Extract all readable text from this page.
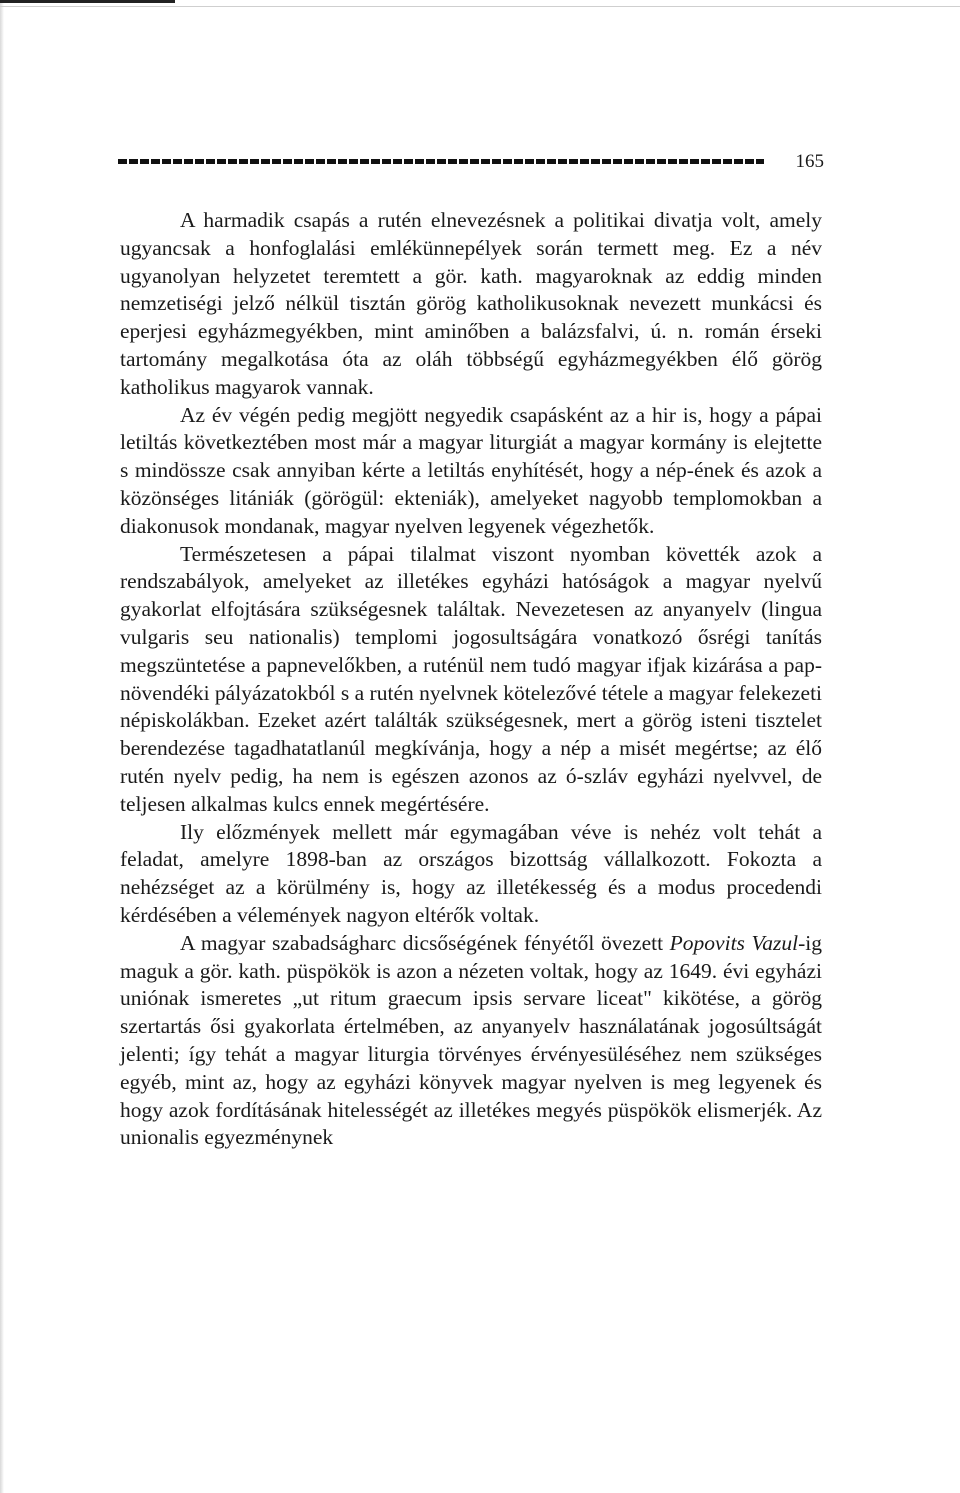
165

A harmadik csapás a rutén elnevezésnek a politikai divatja volt, amely ugyancsak a honfoglalási emlékünnepélyek során termett meg. Ez a név ugyanolyan helyzetet teremtett a gör. kath. magyaroknak az eddig minden nemzetiségi jelző nélkül tisztán görög katholikusoknak nevezett munkácsi és eperjesi egyházmegyékben, mint aminőben a balázsfalvi, ú. n. román érseki tartomány megalkotása óta az oláh többségű egyházmegyékben élő görög katholikus magyarok vannak.

Az év végén pedig megjött negyedik csapásként az a hir is, hogy a pápai letiltás következtében most már a magyar liturgiát a magyar kormány is elejtette s mindössze csak annyiban kérte a letiltás enyhítését, hogy a nép-ének és azok a közönséges litániák (görögül: ekteniák), amelyeket nagyobb templomokban a diakonusok mondanak, magyar nyelven legyenek végezhetők.

Természetesen a pápai tilalmat viszont nyomban követték azok a rendszabályok, amelyeket az illetékes egyházi hatóságok a magyar nyelvű gyakorlat elfojtására szükségesnek találtak. Nevezetesen az anyanyelv (lingua vulgaris seu nationalis) templomi jogosultságára vonatkozó ősrégi tanítás megszüntetése a papnevelőkben, a ruténül nem tudó magyar ifjak kizárása a papnövendéki pályázatokból s a rutén nyelvnek kötelezővé tétele a magyar felekezeti népiskolákban. Ezeket azért találták szükségesnek, mert a görög isteni tisztelet berendezése tagadhatatlanúl megkívánja, hogy a nép a misét megértse; az élő rutén nyelv pedig, ha nem is egészen azonos az ó-szláv egyházi nyelvvel, de teljesen alkalmas kulcs ennek megértésére.

Ily előzmények mellett már egymagában véve is nehéz volt tehát a feladat, amelyre 1898-ban az országos bizottság vállalkozott. Fokozta a nehézséget az a körülmény is, hogy az illetékesség és a modus procedendi kérdésében a vélemények nagyon eltérők voltak.

A magyar szabadságharc dicsőségének fényétől övezett Popovits Vazul-ig maguk a gör. kath. püspökök is azon a nézeten voltak, hogy az 1649. évi egyházi uniónak ismeretes „ut ritum graecum ipsis servare liceat" kikötése, a görög szertartás ősi gyakorlata értelmében, az anyanyelv használatának jogosúltságát jelenti; így tehát a magyar liturgia törvényes érvényesüléséhez nem szükséges egyéb, mint az, hogy az egyházi könyvek magyar nyelven is meg legyenek és hogy azok fordításának hitelességét az illetékes megyés püspökök elismerjék. Az unionalis egyezménynek
